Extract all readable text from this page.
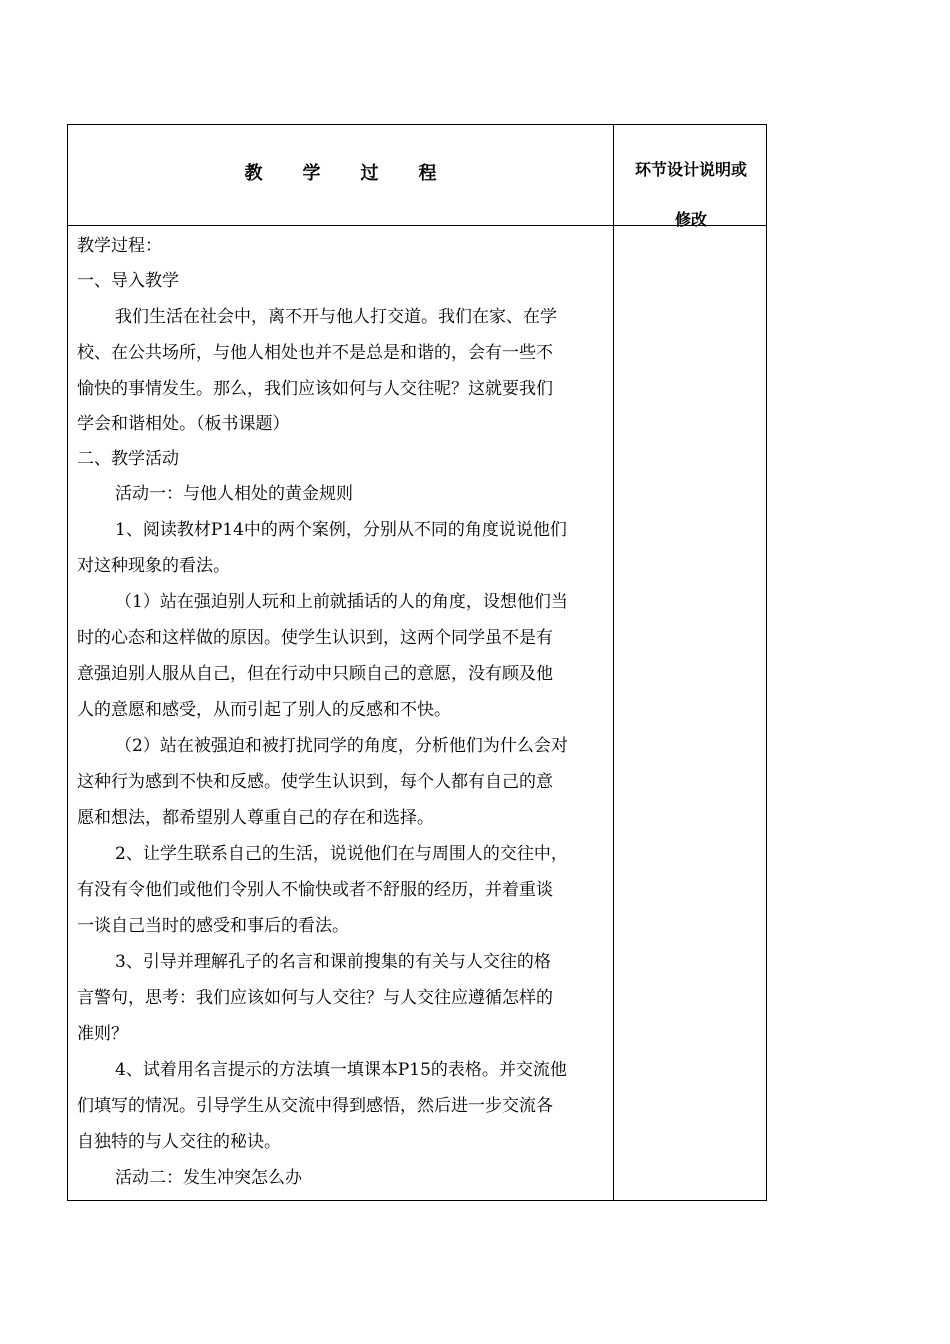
教学过程	环节设计说明或
修改
教学过程：
一、导入教学
我们生活在社会中，离不开与他人打交道。我们在家、在学
校、在公共场所，与他人相处也并不是总是和谐的，会有一些不
愉快的事情发生。那么，我们应该如何与人交往呢？这就要我们
学会和谐相处。（板书课题）
二、教学活动
活动一：与他人相处的黄金规则
1、阅读教材P14中的两个案例，分别从不同的角度说说他们
对这种现象的看法。
（1）站在强迫别人玩和上前就插话的人的角度，设想他们当
时的心态和这样做的原因。使学生认识到，这两个同学虽不是有
意强迫别人服从自己，但在行动中只顾自己的意愿，没有顾及他
人的意愿和感受，从而引起了别人的反感和不快。
（2）站在被强迫和被打扰同学的角度，分析他们为什么会对
这种行为感到不快和反感。使学生认识到，每个人都有自己的意
愿和想法，都希望别人尊重自己的存在和选择。
2、让学生联系自己的生活，说说他们在与周围人的交往中，
有没有令他们或他们令别人不愉快或者不舒服的经历，并着重谈
一谈自己当时的感受和事后的看法。
3、引导并理解孔子的名言和课前搜集的有关与人交往的格
言警句，思考：我们应该如何与人交往？与人交往应遵循怎样的
准则？
4、试着用名言提示的方法填一填课本P15的表格。并交流他
们填写的情况。引导学生从交流中得到感悟，然后进一步交流各
自独特的与人交往的秘诀。
活动二：发生冲突怎么办
